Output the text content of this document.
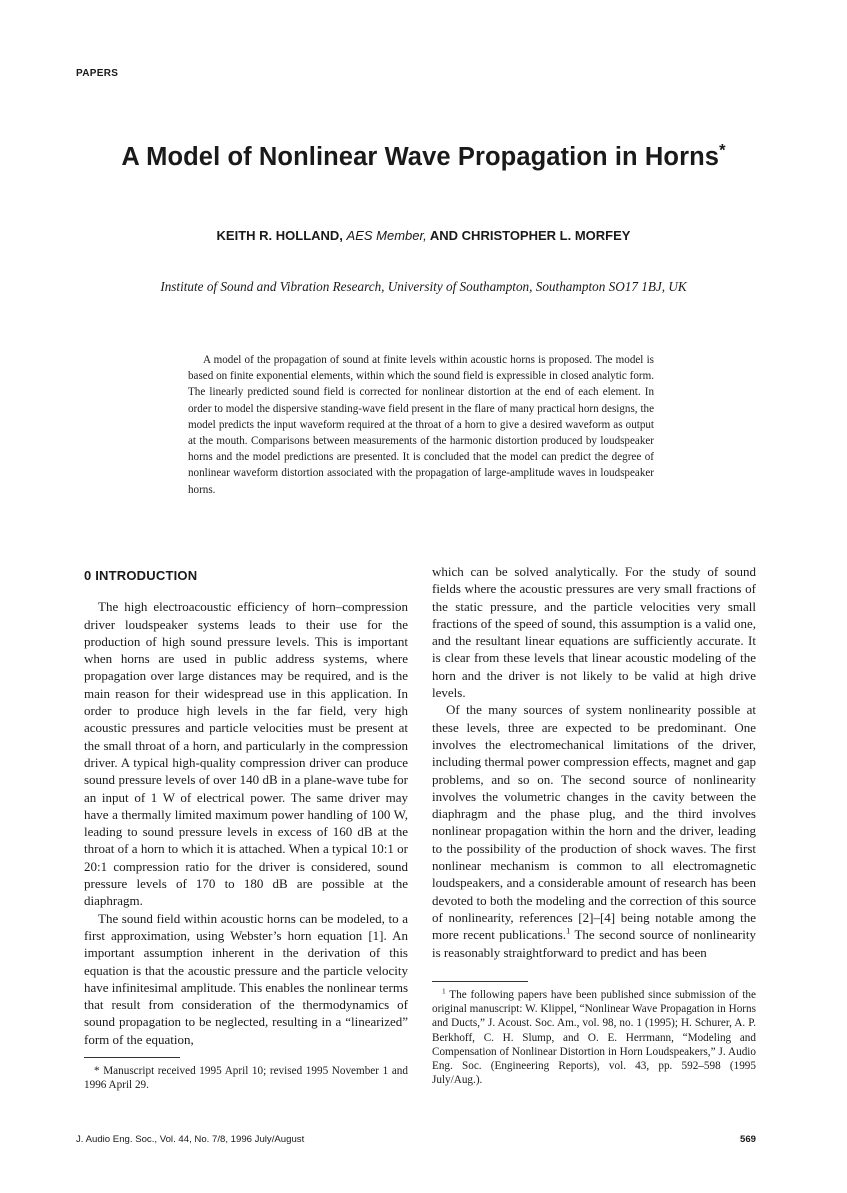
PAPERS
A Model of Nonlinear Wave Propagation in Horns*
KEITH R. HOLLAND, AES Member, AND CHRISTOPHER L. MORFEY
Institute of Sound and Vibration Research, University of Southampton, Southampton SO17 1BJ, UK

A model of the propagation of sound at finite levels within acoustic horns is proposed. The model is based on finite exponential elements, within which the sound field is expressible in closed analytic form. The linearly predicted sound field is corrected for nonlinear distortion at the end of each element. In order to model the dispersive standing-wave field present in the flare of many practical horn designs, the model predicts the input waveform required at the throat of a horn to give a desired waveform as output at the mouth. Comparisons between measurements of the harmonic distortion produced by loudspeaker horns and the model predictions are presented. It is concluded that the model can predict the degree of nonlinear waveform distortion associated with the propagation of large-amplitude waves in loudspeaker horns.

0 INTRODUCTION

The high electroacoustic efficiency of horn–compression driver loudspeaker systems leads to their use for the production of high sound pressure levels. This is important when horns are used in public address systems, where propagation over large distances may be required, and is the main reason for their widespread use in this application. In order to produce high levels in the far field, very high acoustic pressures and particle velocities must be present at the small throat of a horn, and particularly in the compression driver. A typical high-quality compression driver can produce sound pressure levels of over 140 dB in a plane-wave tube for an input of 1 W of electrical power. The same driver may have a thermally limited maximum power handling of 100 W, leading to sound pressure levels in excess of 160 dB at the throat of a horn to which it is attached. When a typical 10:1 or 20:1 compression ratio for the driver is considered, sound pressure levels of 170 to 180 dB are possible at the diaphragm.

The sound field within acoustic horns can be modeled, to a first approximation, using Webster’s horn equation [1]. An important assumption inherent in the derivation of this equation is that the acoustic pressure and the particle velocity have infinitesimal amplitude. This enables the nonlinear terms that result from consideration of the thermodynamics of sound propagation to be neglected, resulting in a “linearized” form of the equation,

which can be solved analytically. For the study of sound fields where the acoustic pressures are very small fractions of the static pressure, and the particle velocities very small fractions of the speed of sound, this assumption is a valid one, and the resultant linear equations are sufficiently accurate. It is clear from these levels that linear acoustic modeling of the horn and the driver is not likely to be valid at high drive levels.

Of the many sources of system nonlinearity possible at these levels, three are expected to be predominant. One involves the electromechanical limitations of the driver, including thermal power compression effects, magnet and gap problems, and so on. The second source of nonlinearity involves the volumetric changes in the cavity between the diaphragm and the phase plug, and the third involves nonlinear propagation within the horn and the driver, leading to the possibility of the production of shock waves. The first nonlinear mechanism is common to all electromagnetic loudspeakers, and a considerable amount of research has been devoted to both the modeling and the correction of this source of nonlinearity, references [2]–[4] being notable among the more recent publications.$^1$ The second source of nonlinearity is reasonably straightforward to predict and has been

* Manuscript received 1995 April 10; revised 1995 November 1 and 1996 April 29.

$^1$ The following papers have been published since submission of the original manuscript: W. Klippel, “Nonlinear Wave Propagation in Horns and Ducts,” J. Acoust. Soc. Am., vol. 98, no. 1 (1995); H. Schurer, A. P. Berkhoff, C. H. Slump, and O. E. Herrmann, “Modeling and Compensation of Nonlinear Distortion in Horn Loudspeakers,” J. Audio Eng. Soc. (Engineering Reports), vol. 43, pp. 592–598 (1995 July/Aug.).

J. Audio Eng. Soc., Vol. 44, No. 7/8, 1996 July/August	569
